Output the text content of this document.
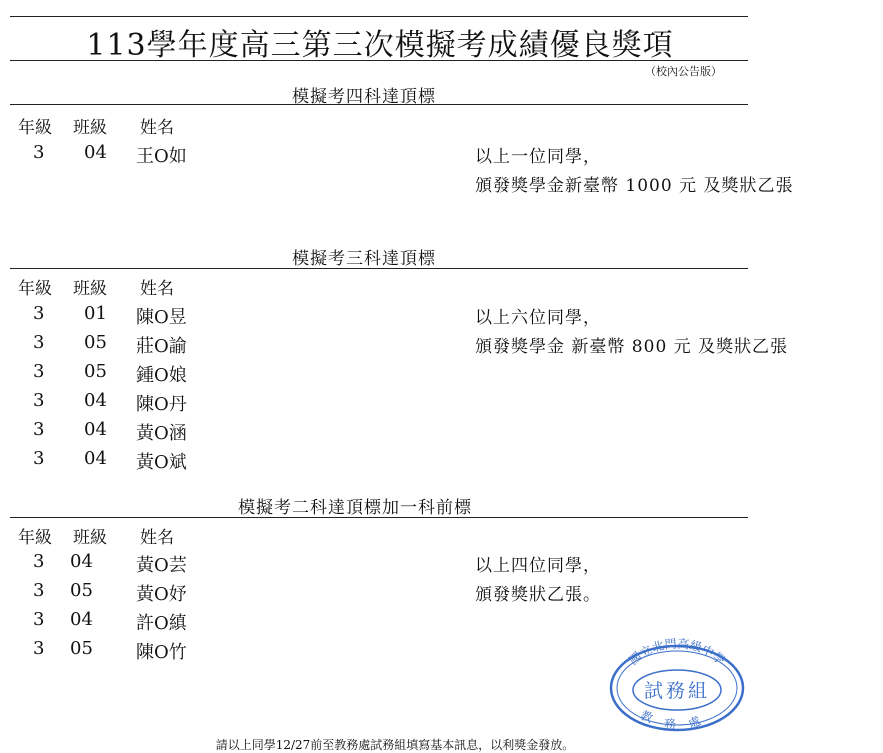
113學年度高三第三次模擬考成績優良獎項
（校內公告版）
模擬考四科達頂標
年級 班級 姓名
3 04 王O如	以上一位同學，
頒發獎學金新臺幣 1000 元 及獎狀乙張
模擬考三科達頂標
年級 班級 姓名
3 01 陳O昱
3 05 莊O諭
3 05 鍾O娘
3 04 陳O丹
3 04 黃O涵
3 04 黃O斌
以上六位同學，
頒發獎學金 新臺幣 800 元 及獎狀乙張
模擬考二科達頂標加一科前標
年級 班級 姓名
3 04 黃O芸
3 05 黃O妤
3 04 許O縝
3 05 陳O竹
以上四位同學，
頒發獎狀乙張。
國立北門高級中學
試務組
教務處
請以上同學12/27前至教務處試務組填寫基本訊息，以利獎金發放。
